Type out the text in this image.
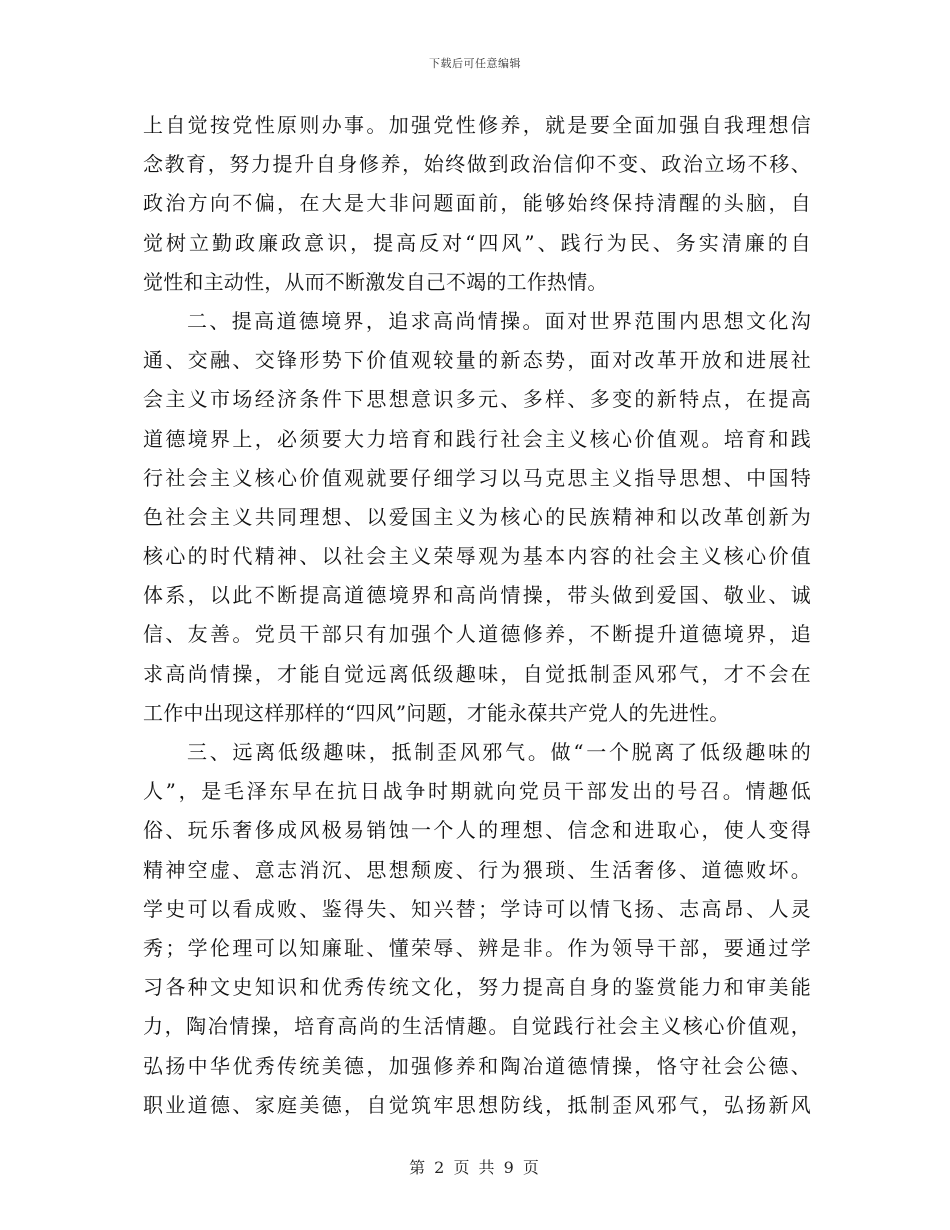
下载后可任意编辑
上自觉按党性原则办事。加强党性修养，就是要全面加强自我理想信
念教育，努力提升自身修养，始终做到政治信仰不变、政治立场不移、
政治方向不偏，在大是大非问题面前，能够始终保持清醒的头脑，自
觉树立勤政廉政意识，提高反对“四风”、践行为民、务实清廉的自
觉性和主动性，从而不断激发自己不竭的工作热情。
二、提高道德境界，追求高尚情操。面对世界范围内思想文化沟
通、交融、交锋形势下价值观较量的新态势，面对改革开放和进展社
会主义市场经济条件下思想意识多元、多样、多变的新特点，在提高
道德境界上，必须要大力培育和践行社会主义核心价值观。培育和践
行社会主义核心价值观就要仔细学习以马克思主义指导思想、中国特
色社会主义共同理想、以爱国主义为核心的民族精神和以改革创新为
核心的时代精神、以社会主义荣辱观为基本内容的社会主义核心价值
体系，以此不断提高道德境界和高尚情操，带头做到爱国、敬业、诚
信、友善。党员干部只有加强个人道德修养，不断提升道德境界，追
求高尚情操，才能自觉远离低级趣味，自觉抵制歪风邪气，才不会在
工作中出现这样那样的“四风”问题，才能永葆共产党人的先进性。
三、远离低级趣味，抵制歪风邪气。做“一个脱离了低级趣味的
人”，是毛泽东早在抗日战争时期就向党员干部发出的号召。情趣低
俗、玩乐奢侈成风极易销蚀一个人的理想、信念和进取心，使人变得
精神空虚、意志消沉、思想颓废、行为猥琐、生活奢侈、道德败坏。
学史可以看成败、鉴得失、知兴替；学诗可以情飞扬、志高昂、人灵
秀；学伦理可以知廉耻、懂荣辱、辨是非。作为领导干部，要通过学
习各种文史知识和优秀传统文化，努力提高自身的鉴赏能力和审美能
力，陶冶情操，培育高尚的生活情趣。自觉践行社会主义核心价值观，
弘扬中华优秀传统美德，加强修养和陶冶道德情操，恪守社会公德、
职业道德、家庭美德，自觉筑牢思想防线，抵制歪风邪气，弘扬新风
第 2 页 共 9 页
